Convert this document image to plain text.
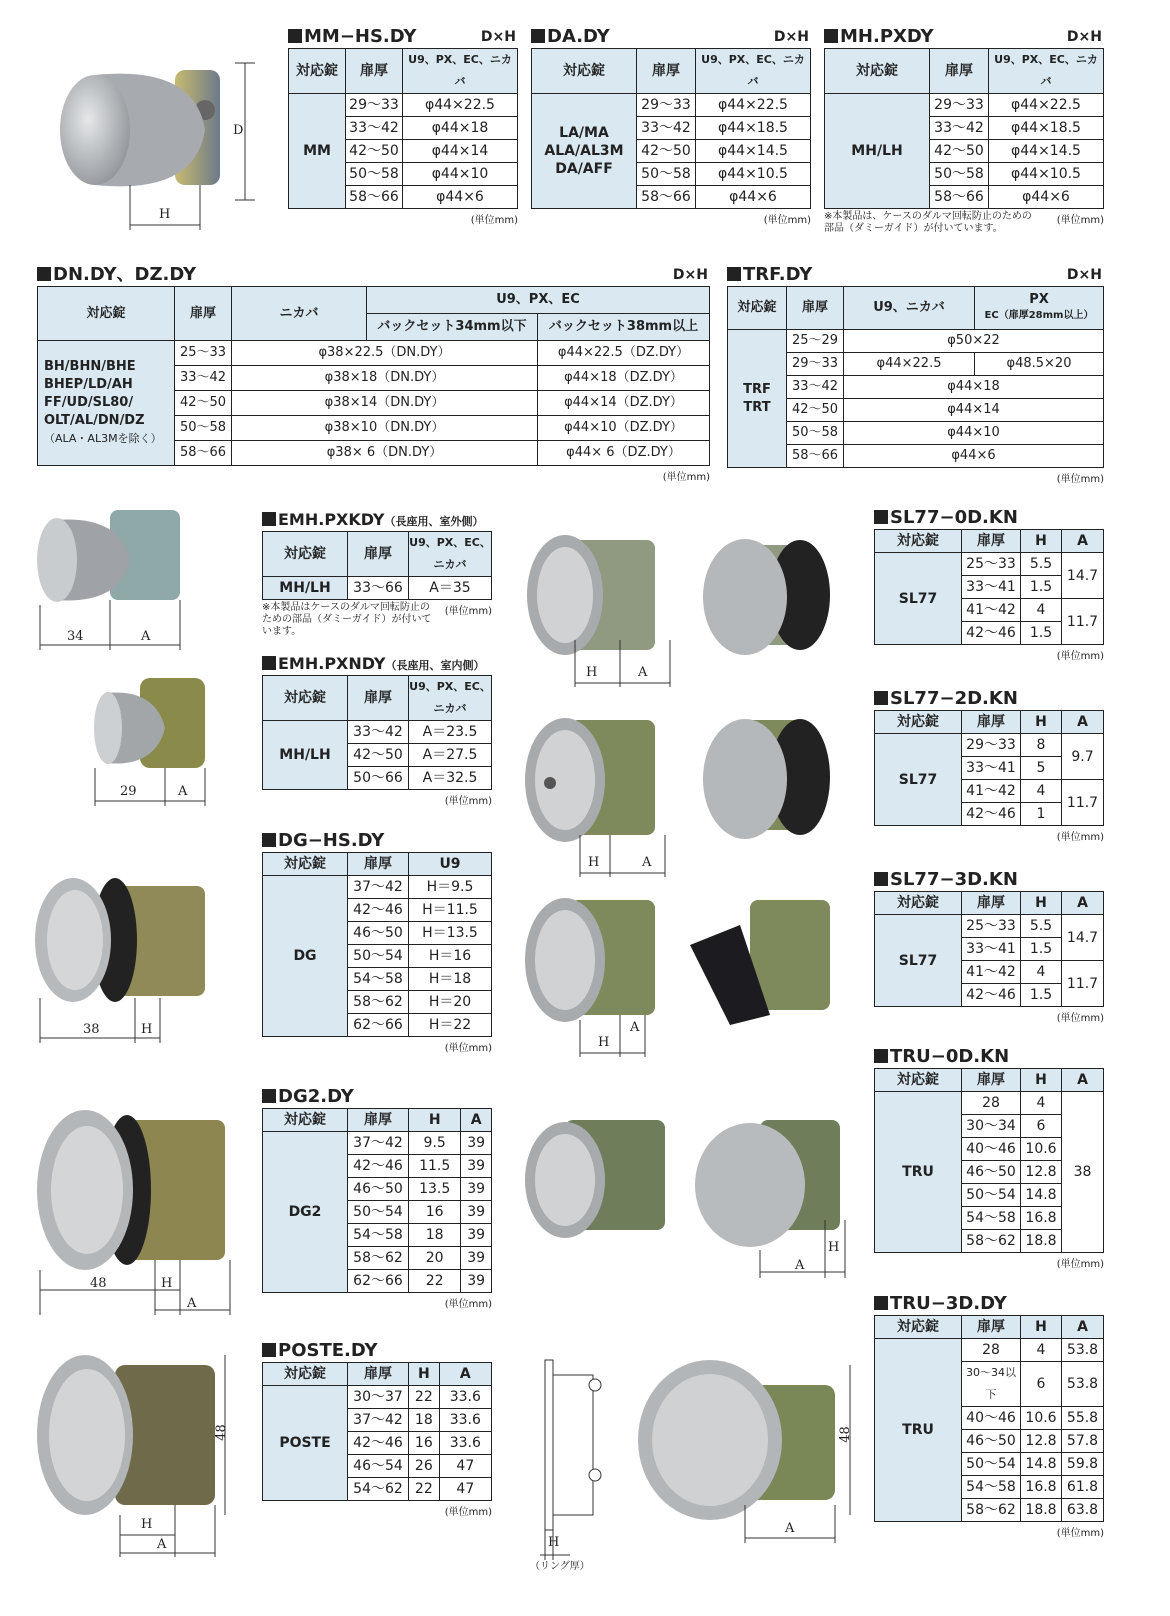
D
H
MM−HS.DY	D×H
対応錠	扉厚	U9、PX、EC、ニカバ
MM	29〜33	φ44×22.5
	33〜42	φ44×18
	42〜50	φ44×14
	50〜58	φ44×10
	58〜66	φ44×6
(単位mm)
DA.DY	D×H
対応錠	扉厚	U9、PX、EC、ニカバ

LA/MA
ALA/AL3M
DA/AFF	29〜33	φ44×22.5
	33〜42	φ44×18.5
	42〜50	φ44×14.5
	50〜58	φ44×10.5
	58〜66	φ44×6
(単位mm)
MH.PXDY	D×H
対応錠	扉厚	U9、PX、EC、ニカバ
MH/LH	29〜33	φ44×22.5
	33〜42	φ44×18.5
	42〜50	φ44×14.5
	50〜58	φ44×10.5
	58〜66	φ44×6
※本製品は、ケースのダルマ回転防止のための部品（ダミーガイド）が付いています。
(単位mm)
DN.DY、DZ.DY	D×H
対応錠	扉厚	ニカバ	U9、PX、EC	
			バックセット34mm以下	バックセット38mm以上

BH/BHN/BHE
BHEP/LD/AH
FF/UD/SL80/
OLT/AL/DN/DZ
（ALA・AL3Mを除く）	25〜33	φ38×22.5（DN.DY）		φ44×22.5（DZ.DY）
	33〜42	φ38×18（DN.DY）		φ44×18（DZ.DY）
	42〜50	φ38×14（DN.DY）		φ44×14（DZ.DY）
	50〜58	φ38×10（DN.DY）		φ44×10（DZ.DY）
	58〜66	φ38× 6（DN.DY）		φ44× 6（DZ.DY）
(単位mm)
TRF.DY	D×H
対応錠	扉厚	U9、ニカバ	PX
EC（扉厚28mm以上）

TRF
TRT	25〜29	φ50×22	
	29〜33	φ44×22.5	φ48.5×20
	33〜42	φ44×18	
	42〜50	φ44×14	
	50〜58	φ44×10	
	58〜66	φ44×6	
(単位mm)
34	A
29	A
38	H
48	H
A
48
H
A
EMH.PXKDY（長座用、室外側）
対応錠	扉厚	U9、PX、EC、ニカバ
MH/LH	33〜66	A＝35
※本製品はケースのダルマ回転防止のための部品（ダミーガイド）が付いています。
(単位mm)
EMH.PXNDY（長座用、室内側）
対応錠	扉厚	U9、PX、EC、ニカバ
MH/LH	33〜42	A＝23.5
	42〜50	A＝27.5
	50〜66	A＝32.5
(単位mm)
DG−HS.DY
対応錠	扉厚	U9
DG	37〜42	H＝9.5
	42〜46	H＝11.5
	46〜50	H＝13.5
	50〜54	H＝16
	54〜58	H＝18
	58〜62	H＝20
	62〜66	H＝22
(単位mm)
DG2.DY
対応錠	扉厚	H	A
DG2	37〜42	9.5	39
	42〜46	11.5	39
	46〜50	13.5	39
	50〜54	16	39
	54〜58	18	39
	58〜62	20	39
	62〜66	22	39
(単位mm)
POSTE.DY
対応錠	扉厚	H	A
POSTE	30〜37	22	33.6
	37〜42	18	33.6
	42〜46	16	33.6
	46〜54	26	47
	54〜62	22	47
(単位mm)
H	A
H	A
H
A
A
H
H
（リング厚）
48
A
SL77−0D.KN
対応錠	扉厚	H	A
SL77	25〜33	5.5	14.7
	33〜41	1.5	
	41〜42	4	11.7
	42〜46	1.5	
(単位mm)
SL77−2D.KN
対応錠	扉厚	H	A
SL77	29〜33	8	9.7
	33〜41	5	
	41〜42	4	11.7
	42〜46	1	
(単位mm)
SL77−3D.KN
対応錠	扉厚	H	A
SL77	25〜33	5.5	14.7
	33〜41	1.5	
	41〜42	4	11.7
	42〜46	1.5	
(単位mm)
TRU−0D.KN
対応錠	扉厚	H	A
TRU	28	4	38
	30〜34	6	
	40〜46	10.6	
	46〜50	12.8	
	50〜54	14.8	
	54〜58	16.8	
	58〜62	18.8	
(単位mm)
TRU−3D.DY
対応錠	扉厚	H	A
TRU	28	4	53.8
	30〜34以下	6	53.8
	40〜46	10.6	55.8
	46〜50	12.8	57.8
	50〜54	14.8	59.8
	54〜58	16.8	61.8
	58〜62	18.8	63.8
(単位mm)
